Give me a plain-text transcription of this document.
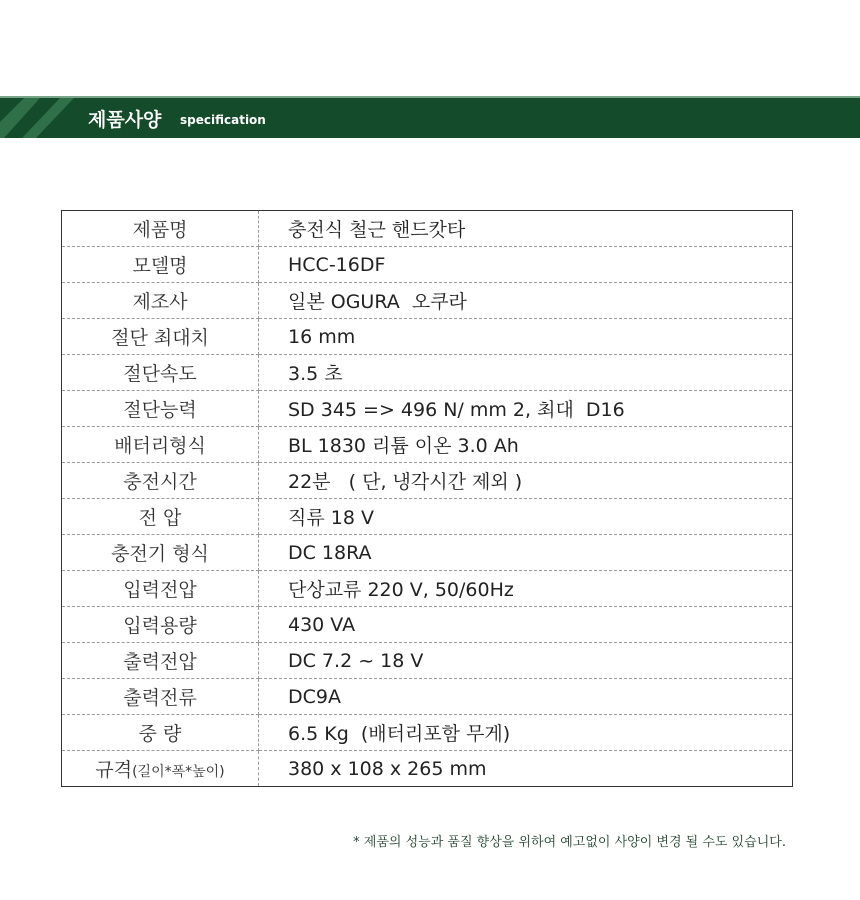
제품사양 specification
제품명	충전식 철근 핸드캇타
모델명	HCC-16DF
제조사	일본 OGURA  오쿠라
절단 최대치	16 mm
절단속도	3.5 초
절단능력	SD 345 => 496 N/ mm 2, 최대  D16
배터리형식	BL 1830 리튬 이온 3.0 Ah
충전시간	22분   ( 단, 냉각시간 제외 )
전 압	직류 18 V
충전기 형식	DC 18RA
입력전압	단상교류 220 V, 50/60Hz
입력용량	430 VA
출력전압	DC 7.2 ~ 18 V
출력전류	DC9A
중 량	6.5 Kg  (배터리포함 무게)
규격(길이*폭*높이)	380 x 108 x 265 mm
* 제품의 성능과 품질 향상을 위하여 예고없이 사양이 변경 될 수도 있습니다.
